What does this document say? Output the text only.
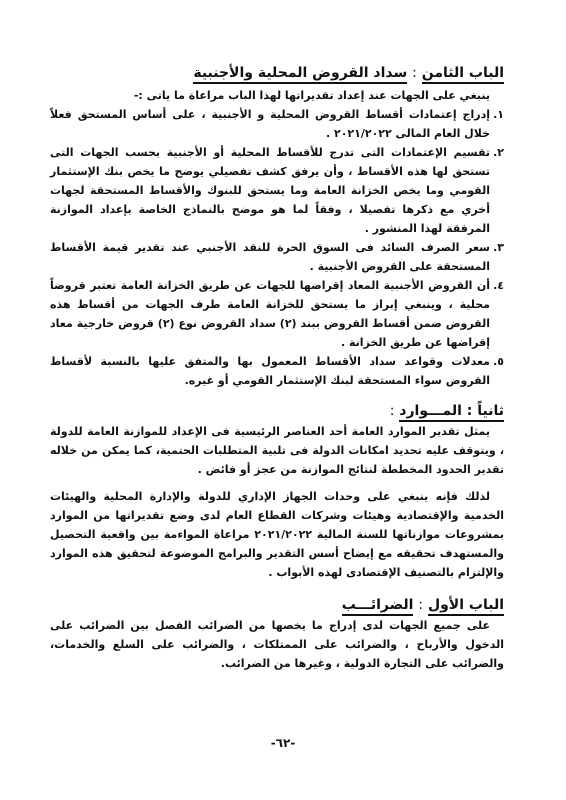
الباب الثامن : سداد القروض المحلية والأجنبية
ينبغي على الجهات عند إعداد تقديراتها لهذا الباب مراعاة ما ياتى :-
١.
إدراج إعتمادات أقساط القروض المحلية و الأجنبية ، على أساس المستحق فعلاً خلال العام المالى ٢٠٢١/٢٠٢٢ .
٢.
تقسيم الإعتمادات التى تدرج للأقساط المحلية أو الأجنبية بحسب الجهات التى تستحق لها هذه الأقساط ، وأن يرفق كشف تفصيلي يوضح ما يخص بنك الإستثمار القومي وما يخص الخزانة العامة وما يستحق للبنوك والأقساط المستحقة لجهات أخري مع ذكرها تفصيلا ، وفقاً لما هو موضح بالنماذج الخاصة بإعداد الموازنة المرفقة لهذا المنشور .
٣.
سعر الصرف السائد فى السوق الحرة للنقد الأجنبي عند تقدير قيمة الأقساط المستحقة على القروض الأجنبية .
٤.
أن القروض الأجنبية المعاد إقراضها للجهات عن طريق الخزانة العامة تعتبر قروضاً محلية ، وينبغي إبراز ما يستحق للخزانة العامة طرف الجهات من أقساط هذه القروض ضمن أقساط القروض ببند (٢) سداد القروض نوع (٢) قروض خارجية معاد إقراضها عن طريق الخزانة .
٥.
معدلات وقواعد سداد الأقساط المعمول بها والمتفق عليها بالنسبة لأقساط القروض سواء المستحقة لبنك الإستثمار القومي أو غيره.
ثانياً : المـــوارد :
يمثل تقدير الموارد العامة أحد العناصر الرئيسية فى الإعداد للموازنة العامة للدولة ، ويتوقف عليه تحديد امكانات الدولة فى تلبية المتطلبات الحتمية، كما يمكن من خلاله تقدير الحدود المخططة لنتائج الموازنة من عجز أو فائض .
لذلك فإنه ينبغي على وحدات الجهاز الإداري للدولة والإدارة المحلية والهيئات الخدمية والإقتصادية وهيئات وشركات القطاع العام لدى وضع تقديراتها من الموارد بمشروعات موازناتها للسنة المالية ٢٠٢١/٢٠٢٢ مراعاة المواءمة بين واقعية التحصيل والمستهدف تحقيقه مع إيضاح أسس التقدير والبرامج الموضوعة لتحقيق هذه الموارد والإلتزام بالتصنيف الإقتصادى لهذه الأبواب .
الباب الأول : الضرائـــب
على جميع الجهات لدى إدراج ما يخصها من الضرائب الفصل بين الضرائب على الدخول والأرباح ، والضرائب على الممتلكات ، والضرائب على السلع والخدمات، والضرائب على التجارة الدولية ، وغيرها من الضرائب.
-٦٢-
